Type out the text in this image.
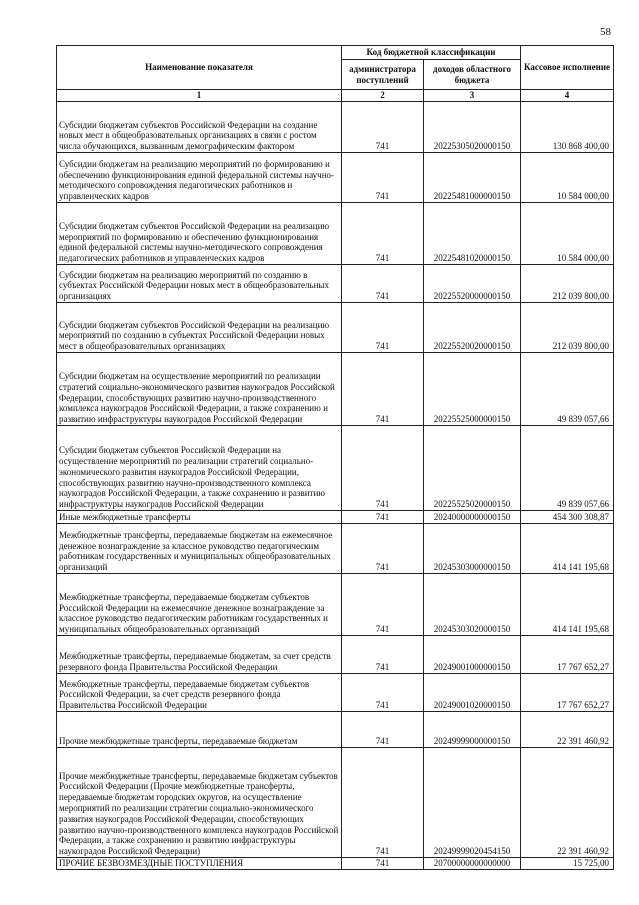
58
Наименование показателя	Код бюджетной классификации		Кассовое исполнение
	администратора поступлений	доходов областного бюджета	
1	2	3	4
Субсидии бюджетам субъектов Российской Федерации на создание новых мест в общеобразовательных организациях в связи с ростом числа обучающихся, вызванным демографическим фактором	741	20225305020000150	130 868 400,00
Субсидии бюджетам на реализацию мероприятий по формированию и обеспечению функционирования единой федеральной системы научно-методического сопровождения педагогических работников и управленческих кадров	741	20225481000000150	10 584 000,00
Субсидии бюджетам субъектов Российской Федерации на реализацию мероприятий по формированию и обеспечению функционирования единой федеральной системы научно-методического сопровождения педагогических работников и управленческих кадров	741	20225481020000150	10 584 000,00
Субсидии бюджетам на реализацию мероприятий по созданию в субъектах Российской Федерации новых мест в общеобразовательных организациях	741	20225520000000150	212 039 800,00
Субсидии бюджетам субъектов Российской Федерации на реализацию мероприятий по созданию в субъектах Российской Федерации новых мест в общеобразовательных организациях	741	20225520020000150	212 039 800,00
Субсидии бюджетам на осуществление мероприятий по реализации стратегий социально-экономического развития наукоградов Российской Федерации, способствующих развитию научно-производственного комплекса наукоградов Российской Федерации, а также сохранению и развитию инфраструктуры наукоградов Российской Федерации	741	20225525000000150	49 839 057,66
Субсидии бюджетам субъектов Российской Федерации на осуществление мероприятий по реализации стратегий социально-экономического развития наукоградов Российской Федерации, способствующих развитию научно-производственного комплекса наукоградов Российской Федерации, а также сохранению и развитию инфраструктуры наукоградов Российской Федерации	741	20225525020000150	49 839 057,66
Иные межбюджетные трансферты	741	20240000000000150	454 300 308,87
Межбюджетные трансферты, передаваемые бюджетам на ежемесячное денежное вознаграждение за классное руководство педагогическим работникам государственных и муниципальных общеобразовательных организаций	741	20245303000000150	414 141 195,68
Межбюджетные трансферты, передаваемые бюджетам субъектов Российской Федерации на ежемесячное денежное вознаграждение за классное руководство педагогическим работникам государственных и муниципальных общеобразовательных организаций	741	20245303020000150	414 141 195,68
Межбюджетные трансферты, передаваемые бюджетам, за счет средств резервного фонда Правительства Российской Федерации	741	20249001000000150	17 767 652,27
Межбюджетные трансферты, передаваемые бюджетам субъектов Российской Федерации, за счет средств резервного фонда Правительства Российской Федерации	741	20249001020000150	17 767 652,27
Прочие межбюджетные трансферты, передаваемые бюджетам	741	20249999000000150	22 391 460,92
Прочие межбюджетные трансферты, передаваемые бюджетам субъектов Российской Федерации (Прочие межбюджетные трансферты, передаваемые бюджетам городских округов, на осуществление мероприятий по реализации стратегии социально-экономического развития наукоградов Российской Федерации, способствующих развитию научно-производственного комплекса наукоградов Российской Федерации, а также сохранению и развитию инфраструктуры наукоградов Российской Федерации)	741	20249999020454150	22 391 460,92
ПРОЧИЕ БЕЗВОЗМЕЗДНЫЕ ПОСТУПЛЕНИЯ	741	20700000000000000	15 725,00
